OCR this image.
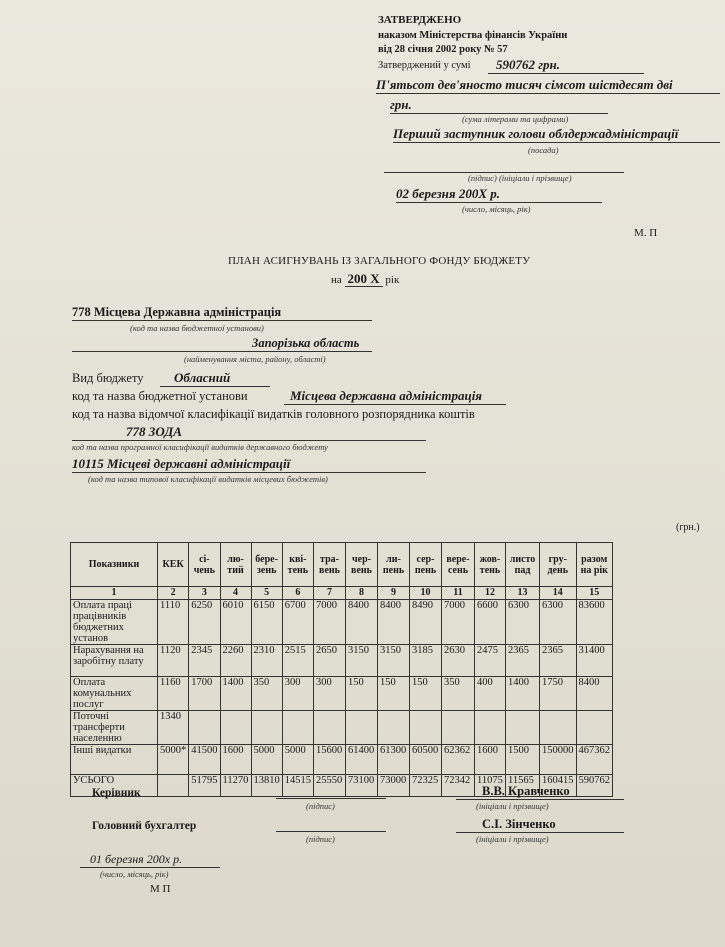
ЗАТВЕРДЖЕНО
наказом Міністерства фінансів України
від 28 січня 2002 року № 57
Затверджений у сумі	590762 грн.
П'ятьсот дев'яносто тисяч сімсот шістдесят дві
грн.
(сума літерами та цифрами)
Перший заступник голови облдержадміністрації
(посада)
(підпис) (ініціали і прізвище)
02 березня 200Х р.
(число, місяць, рік)
М. П
ПЛАН АСИГНУВАНЬ ІЗ ЗАГАЛЬНОГО ФОНДУ БЮДЖЕТУ
на 200 Х рік
778 Місцева Державна адміністрація
(код та назва бюджетної установи)
Запорізька область
(найменування міста, району, області)
Вид бюджету	Обласний
код та назва бюджетної установи	Місцева державна адміністрація
код та назва відомчої класифікації видатків головного розпорядника коштів
778 ЗОДА
код та назва програмної класифікації видатків державного бюджету
10115 Місцеві державні адміністрації
(код та назва типової класифікації видатків місцевих бюджетів)
(грн.)
Показники	КЕК	сі-чень	лю-тий	бере-зень	кві-тень	тра-вень	чер-вень	ли-пень	сер-пень	вере-сень	жов-тень	листо пад	гру-день	разом на рік
1	2	3	4	5	6	7	8	9	10	11	12	13	14	15
Оплата праці працівників бюджетних установ	1110	6250	6010	6150	6700	7000	8400	8400	8490	7000	6600	6300	6300	83600
Нарахування на заробітну плату	1120	2345	2260	2310	2515	2650	3150	3150	3185	2630	2475	2365	2365	31400
Оплата комунальних послуг	1160	1700	1400	350	300	300	150	150	150	350	400	1400	1750	8400
Поточні трансферти населенню	1340													
Інші видатки	5000*	41500	1600	5000	5000	15600	61400	61300	60500	62362	1600	1500	150000	467362
УСЬОГО		51795	11270	13810	14515	25550	73100	73000	72325	72342	11075	11565	160415	590762
Керівник
(підпис)
В.В. Кравченко
(ініціали і прізвище)
Головний бухгалтер
(підпис)
С.І. Зінченко
(ініціали і прізвище)
01 березня 200х р.
(число, місяць, рік)
М П
